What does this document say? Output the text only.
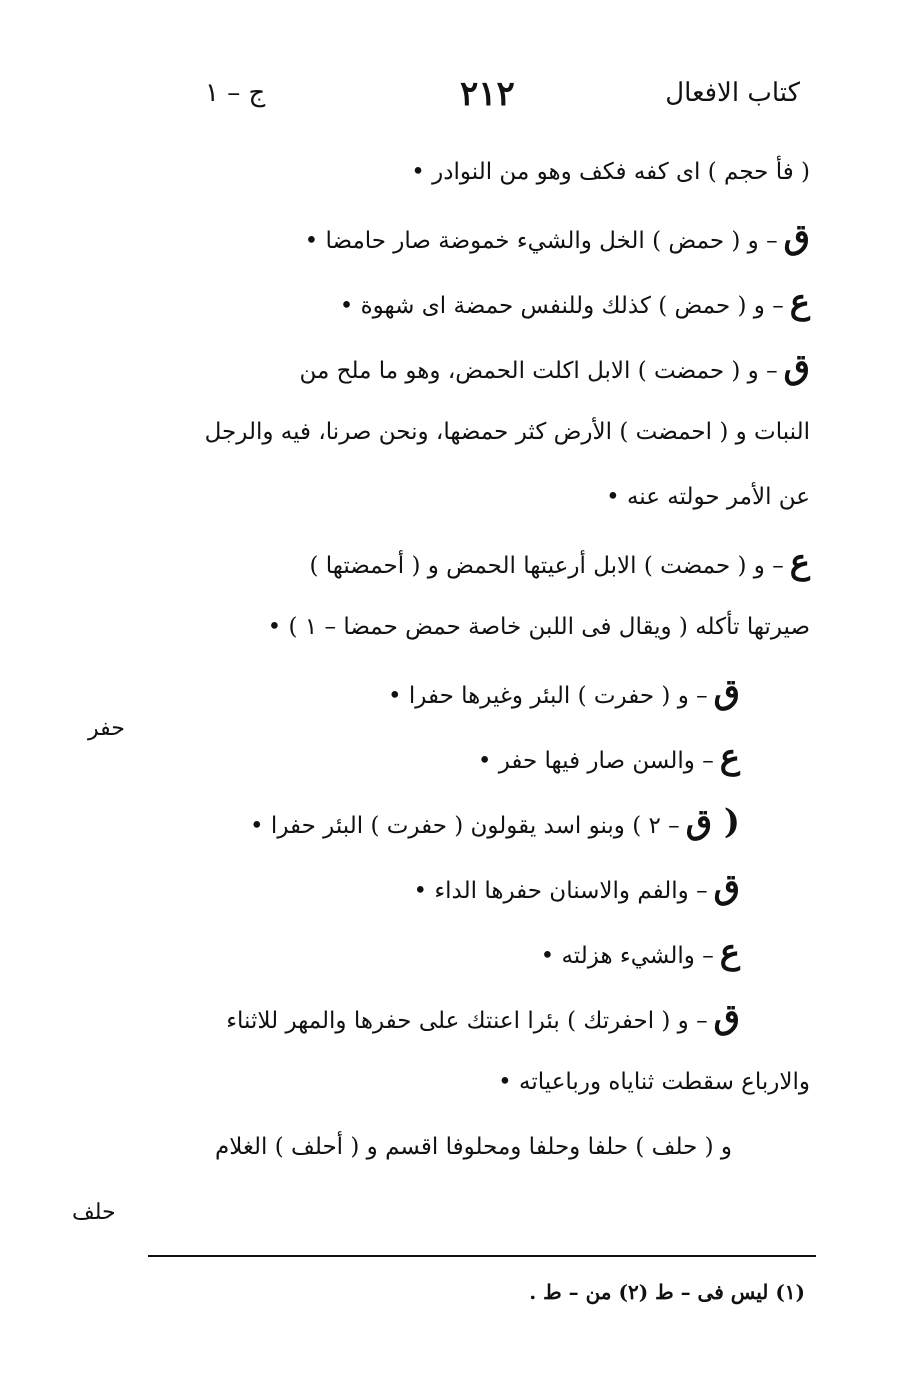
كتاب الافعال
٢١٢
ج – ١
( فأ حجم ) اى كفه فكف وهو من النوادر •
ق– و ( حمض ) الخل والشيء خموضة صار حامضا •
ع– و ( حمض ) كذلك وللنفس حمضة اى شهوة •
ق– و ( حمضت ) الابل اكلت الحمض، وهو ما ملح من
النبات و ( احمضت ) الأرض كثر حمضها، ونحن صرنا، فيه والرجل
عن الأمر حولته عنه •
ع– و ( حمضت ) الابل أرعيتها الحمض و ( أحمضتها )
صيرتها تأكله ( ويقال فى اللبن خاصة حمض حمضا – ١ ) •
ق– و ( حفرت ) البئر وغيرها حفرا •
ع– والسن صار فيها حفر •
( ق– ٢ ) وبنو اسد يقولون ( حفرت ) البئر حفرا •
ق– والفم والاسنان حفرها الداء •
ع– والشيء هزلته •
ق– و ( احفرتك ) بئرا اعنتك على حفرها والمهر للاثناء
والارباع سقطت ثناياه ورباعياته •
و ( حلف ) حلفا وحلفا ومحلوفا اقسم و ( أحلف ) الغلام
حفر
حلف
(١) ليس فى – ط (٢) من – ط .
